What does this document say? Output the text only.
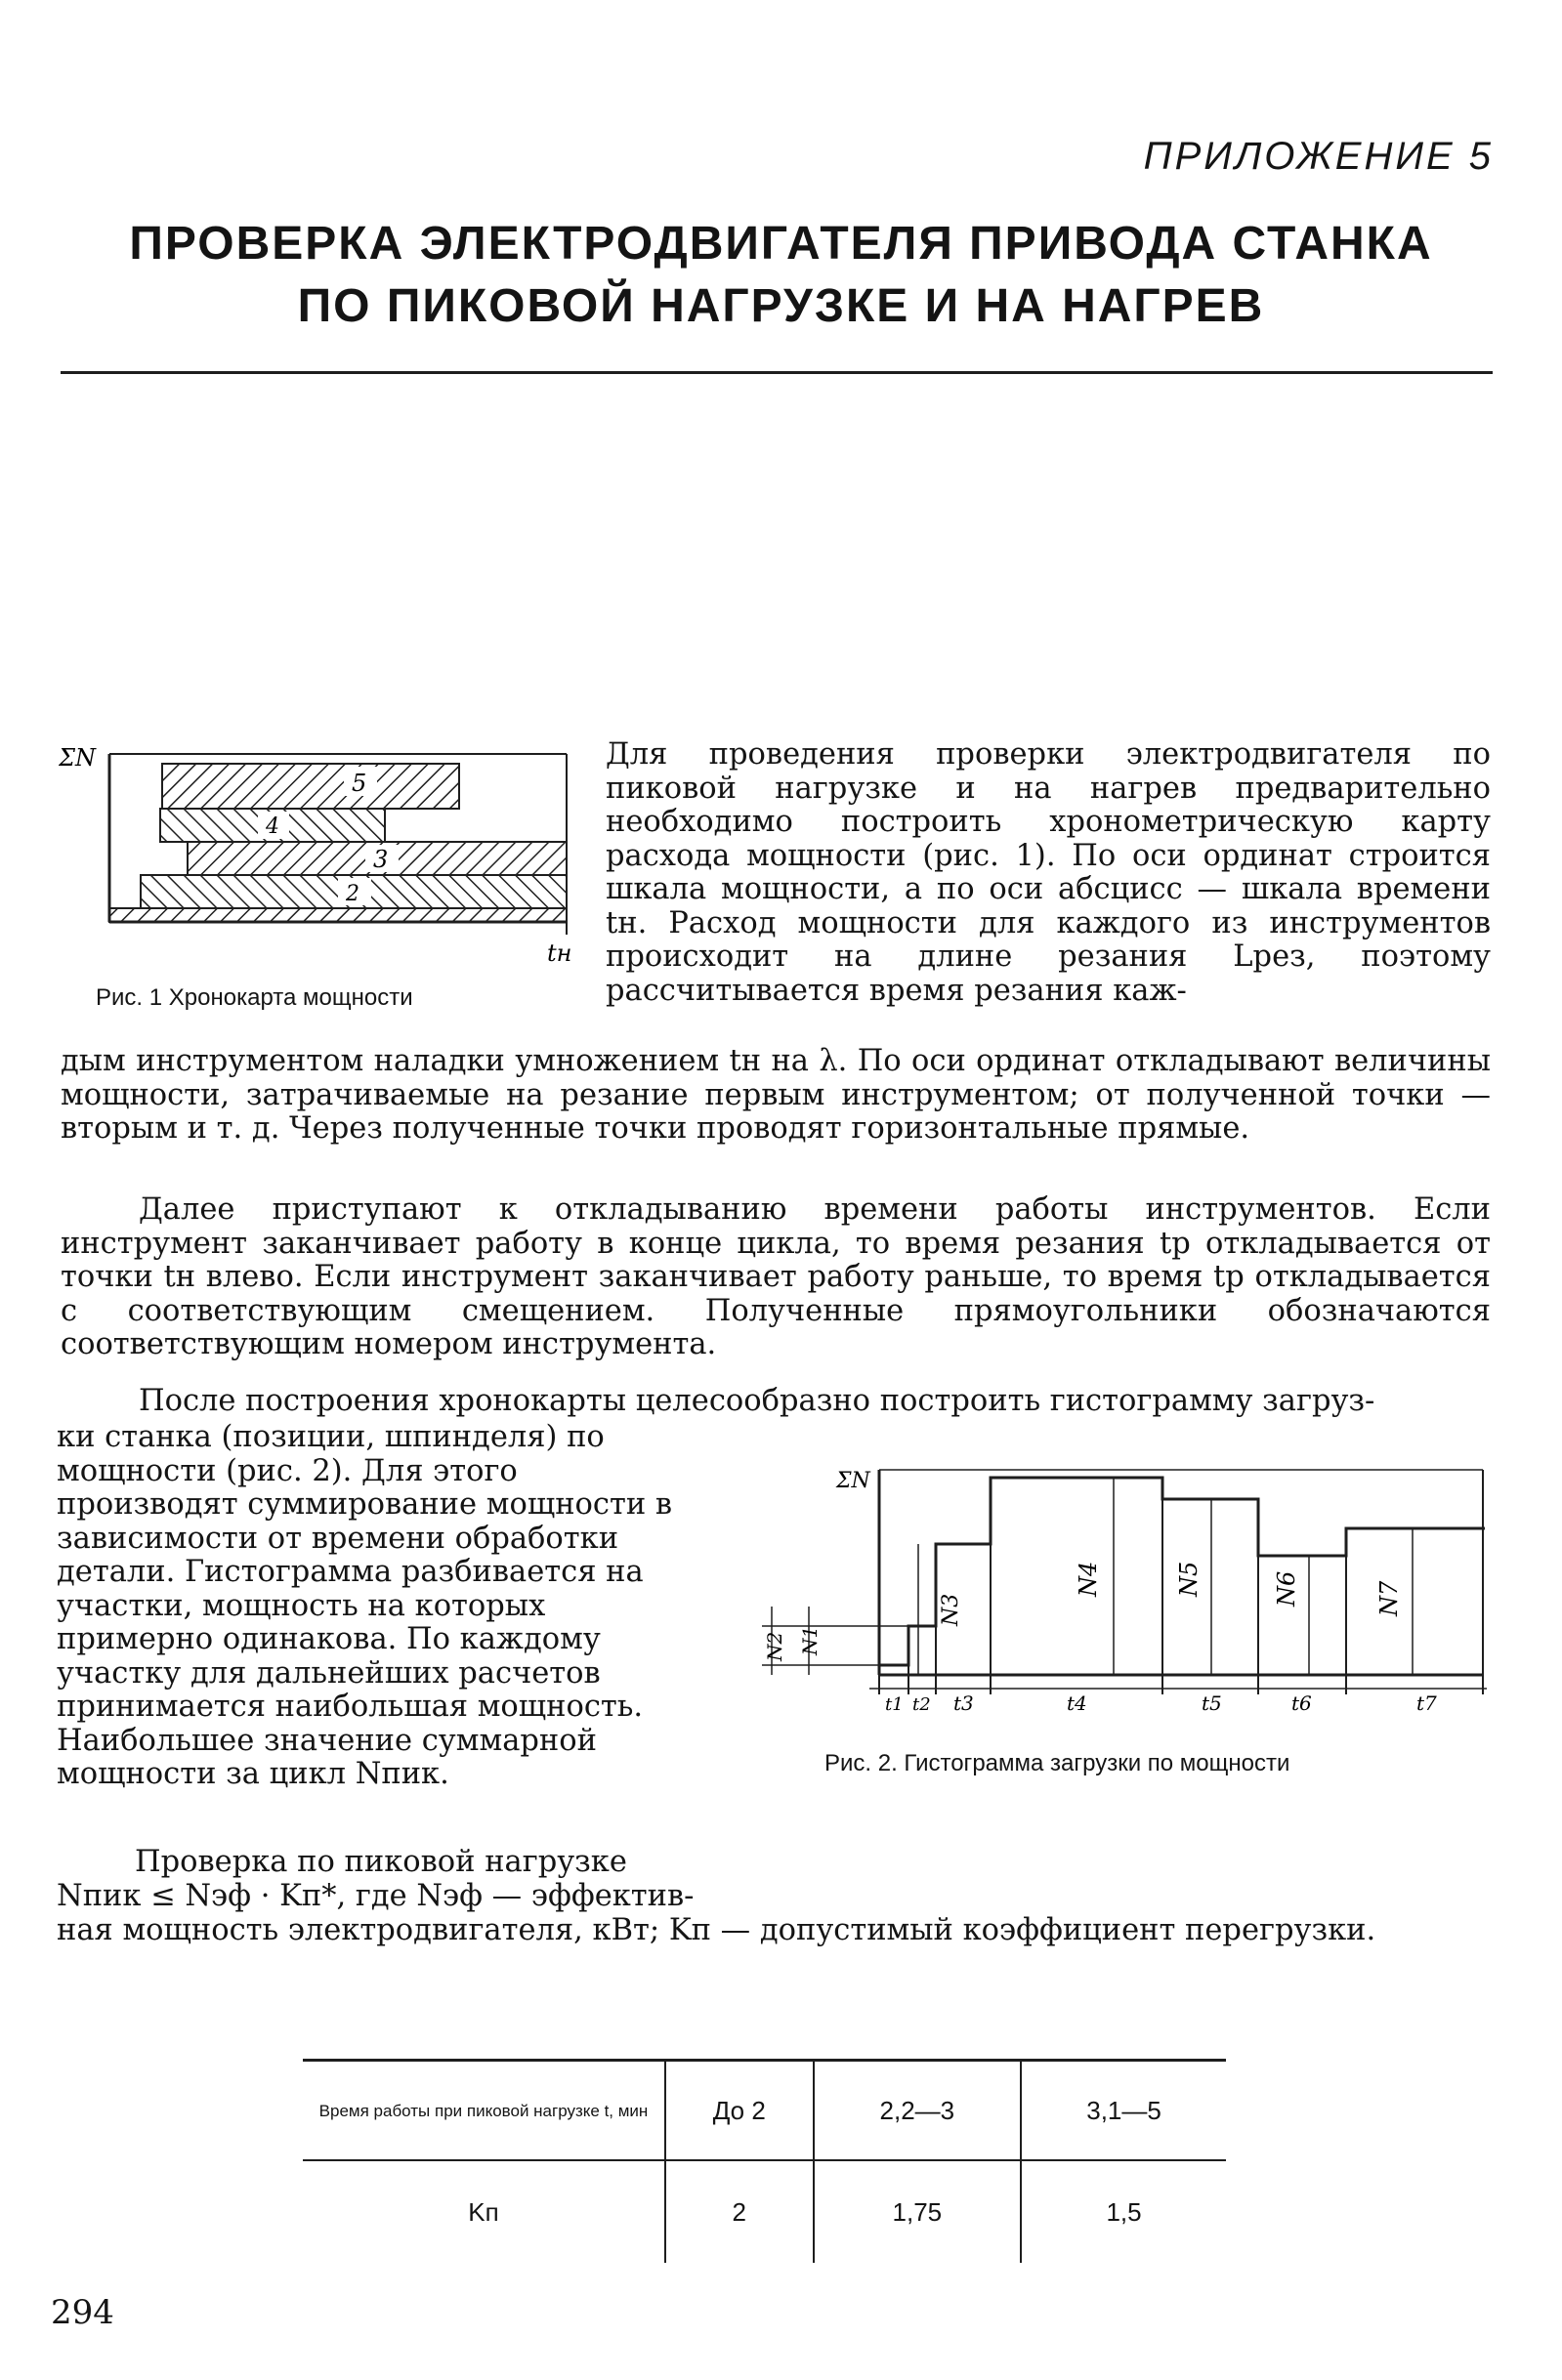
ПРИЛОЖЕНИЕ 5
ПРОВЕРКА ЭЛЕКТРОДВИГАТЕЛЯ ПРИВОДА СТАНКА
ПО ПИКОВОЙ НАГРУЗКЕ И НА НАГРЕВ
ΣN
5
4
3
2
tн
Рис. 1 Хронокарта мощности
Для проведения проверки электродвигателя по пиковой нагрузке и на нагрев предварительно необходимо построить хронометрическую карту расхода мощности (рис. 1). По оси ординат строится шкала мощности, а по оси абсцисс — шкала времени tн. Расход мощности для каждого из инструментов происходит на длине резания Lрез, поэтому рассчитывается время резания каж-
дым инструментом наладки умножением tн на λ. По оси ординат откладывают величины мощности, затрачиваемые на резание первым инструментом; от полученной точки — вторым и т. д. Через полученные точки проводят горизонтальные прямые.
Далее приступают к откладыванию времени работы инструментов. Если инструмент заканчивает работу в конце цикла, то время резания tр откладывается от точки tн влево. Если инструмент заканчивает работу раньше, то время tр откладывается с соответствующим смещением. Полученные прямоугольники обозначаются соответствующим номером инструмента.
После построения хронокарты целесообразно построить гистограмму загруз-
ки станка (позиции, шпинделя) по мощности (рис. 2). Для этого производят суммирование мощности в зависимости от времени обработки детали. Гистограмма разбивается на участки, мощность на которых примерно одинакова. По каждому участку для дальнейших расчетов принимается наибольшая мощность. Наибольшее значение суммарной мощности за цикл Nпик.
Проверка по пиковой нагрузке Nпик ≤ Nэф · Kп*, где Nэф — эффектив-
ная мощность электродвигателя, кВт; Kп — допустимый коэффициент перегрузки.
ΣN
N2 N1
N3
N4	N5	N6	N7
t1 t2 t3	t4	t5	t6	t7
Рис. 2. Гистограмма загрузки по мощности
Время работы при пиковой нагрузке t, мин	До 2	2,2—3	3,1—5
Kп	2	1,75	1,5
294
